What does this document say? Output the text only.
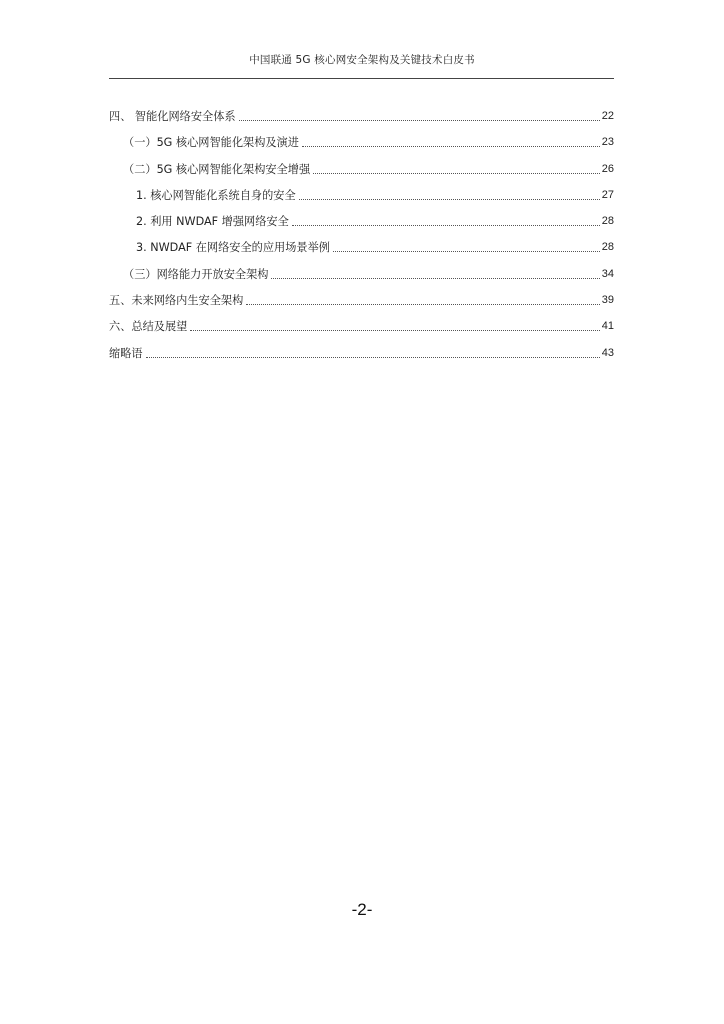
中国联通 5G 核心网安全架构及关键技术白皮书
四、 智能化网络安全体系	22
（一）5G 核心网智能化架构及演进	23
（二）5G 核心网智能化架构安全增强	26
1. 核心网智能化系统自身的安全	27
2. 利用 NWDAF 增强网络安全	28
3. NWDAF 在网络安全的应用场景举例	28
（三）网络能力开放安全架构	34
五、未来网络内生安全架构	39
六、总结及展望	41
缩略语	43
-2-
